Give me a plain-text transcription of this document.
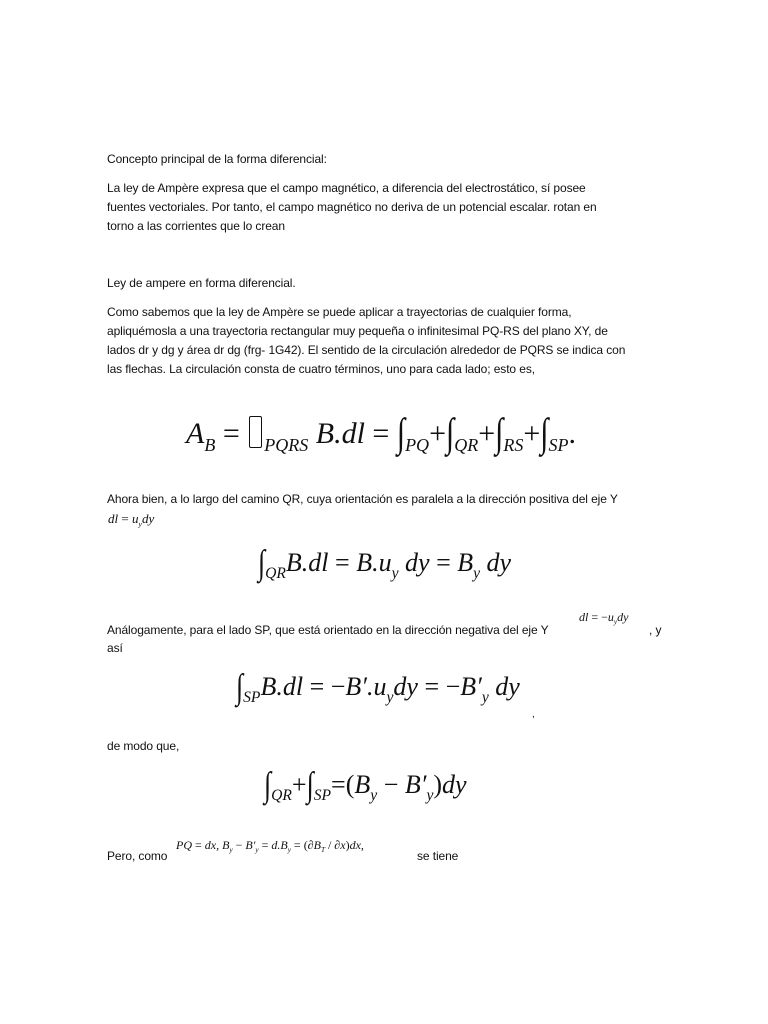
Concepto principal de la forma diferencial:
La ley de Ampère expresa que el campo magnético, a diferencia del electrostático, sí posee
fuentes vectoriales. Por tanto, el campo magnético no deriva de un potencial escalar. rotan en
torno a las corrientes que lo crean
Ley de ampere en forma diferencial.
Como sabemos que la ley de Ampère se puede aplicar a trayectorias de cualquier forma,
apliquémosla a una trayectoria rectangular muy pequeña o infinitesimal PQ-RS del plano XY, de
lados dr y dg y área dr dg (frg- 1G42). El sentido de la circulación alrededor de PQRS se indica con
las flechas. La circulación consta de cuatro términos, uno para cada lado; esto es,
$A_B = _{PQRS}$ $B.dl = \int_{PQ}+\int_{QR}+\int_{RS}+\int_{SP}$.
Ahora bien, a lo largo del camino QR, cuya orientación es paralela a la dirección positiva del eje Y
dl = $u_ydy$
$\int_{QR}B.dl = B.u_y$ dy = $B_y$ dy
Análogamente, para el lado SP, que está orientado en la dirección negativa del eje Y
dl = $-u_ydy$
, y
así
$\int_{SP}B.dl = -B'.u_ydy = -B'_y$ dy
,
de modo que,
$\int_{QR}+\int_{SP}=(B_y - B'_y)dy$
Pero, como
PQ = dx, $B_y - B'_y = d.B_y = (\partial B_T / \partial x)dx$,
se tiene
